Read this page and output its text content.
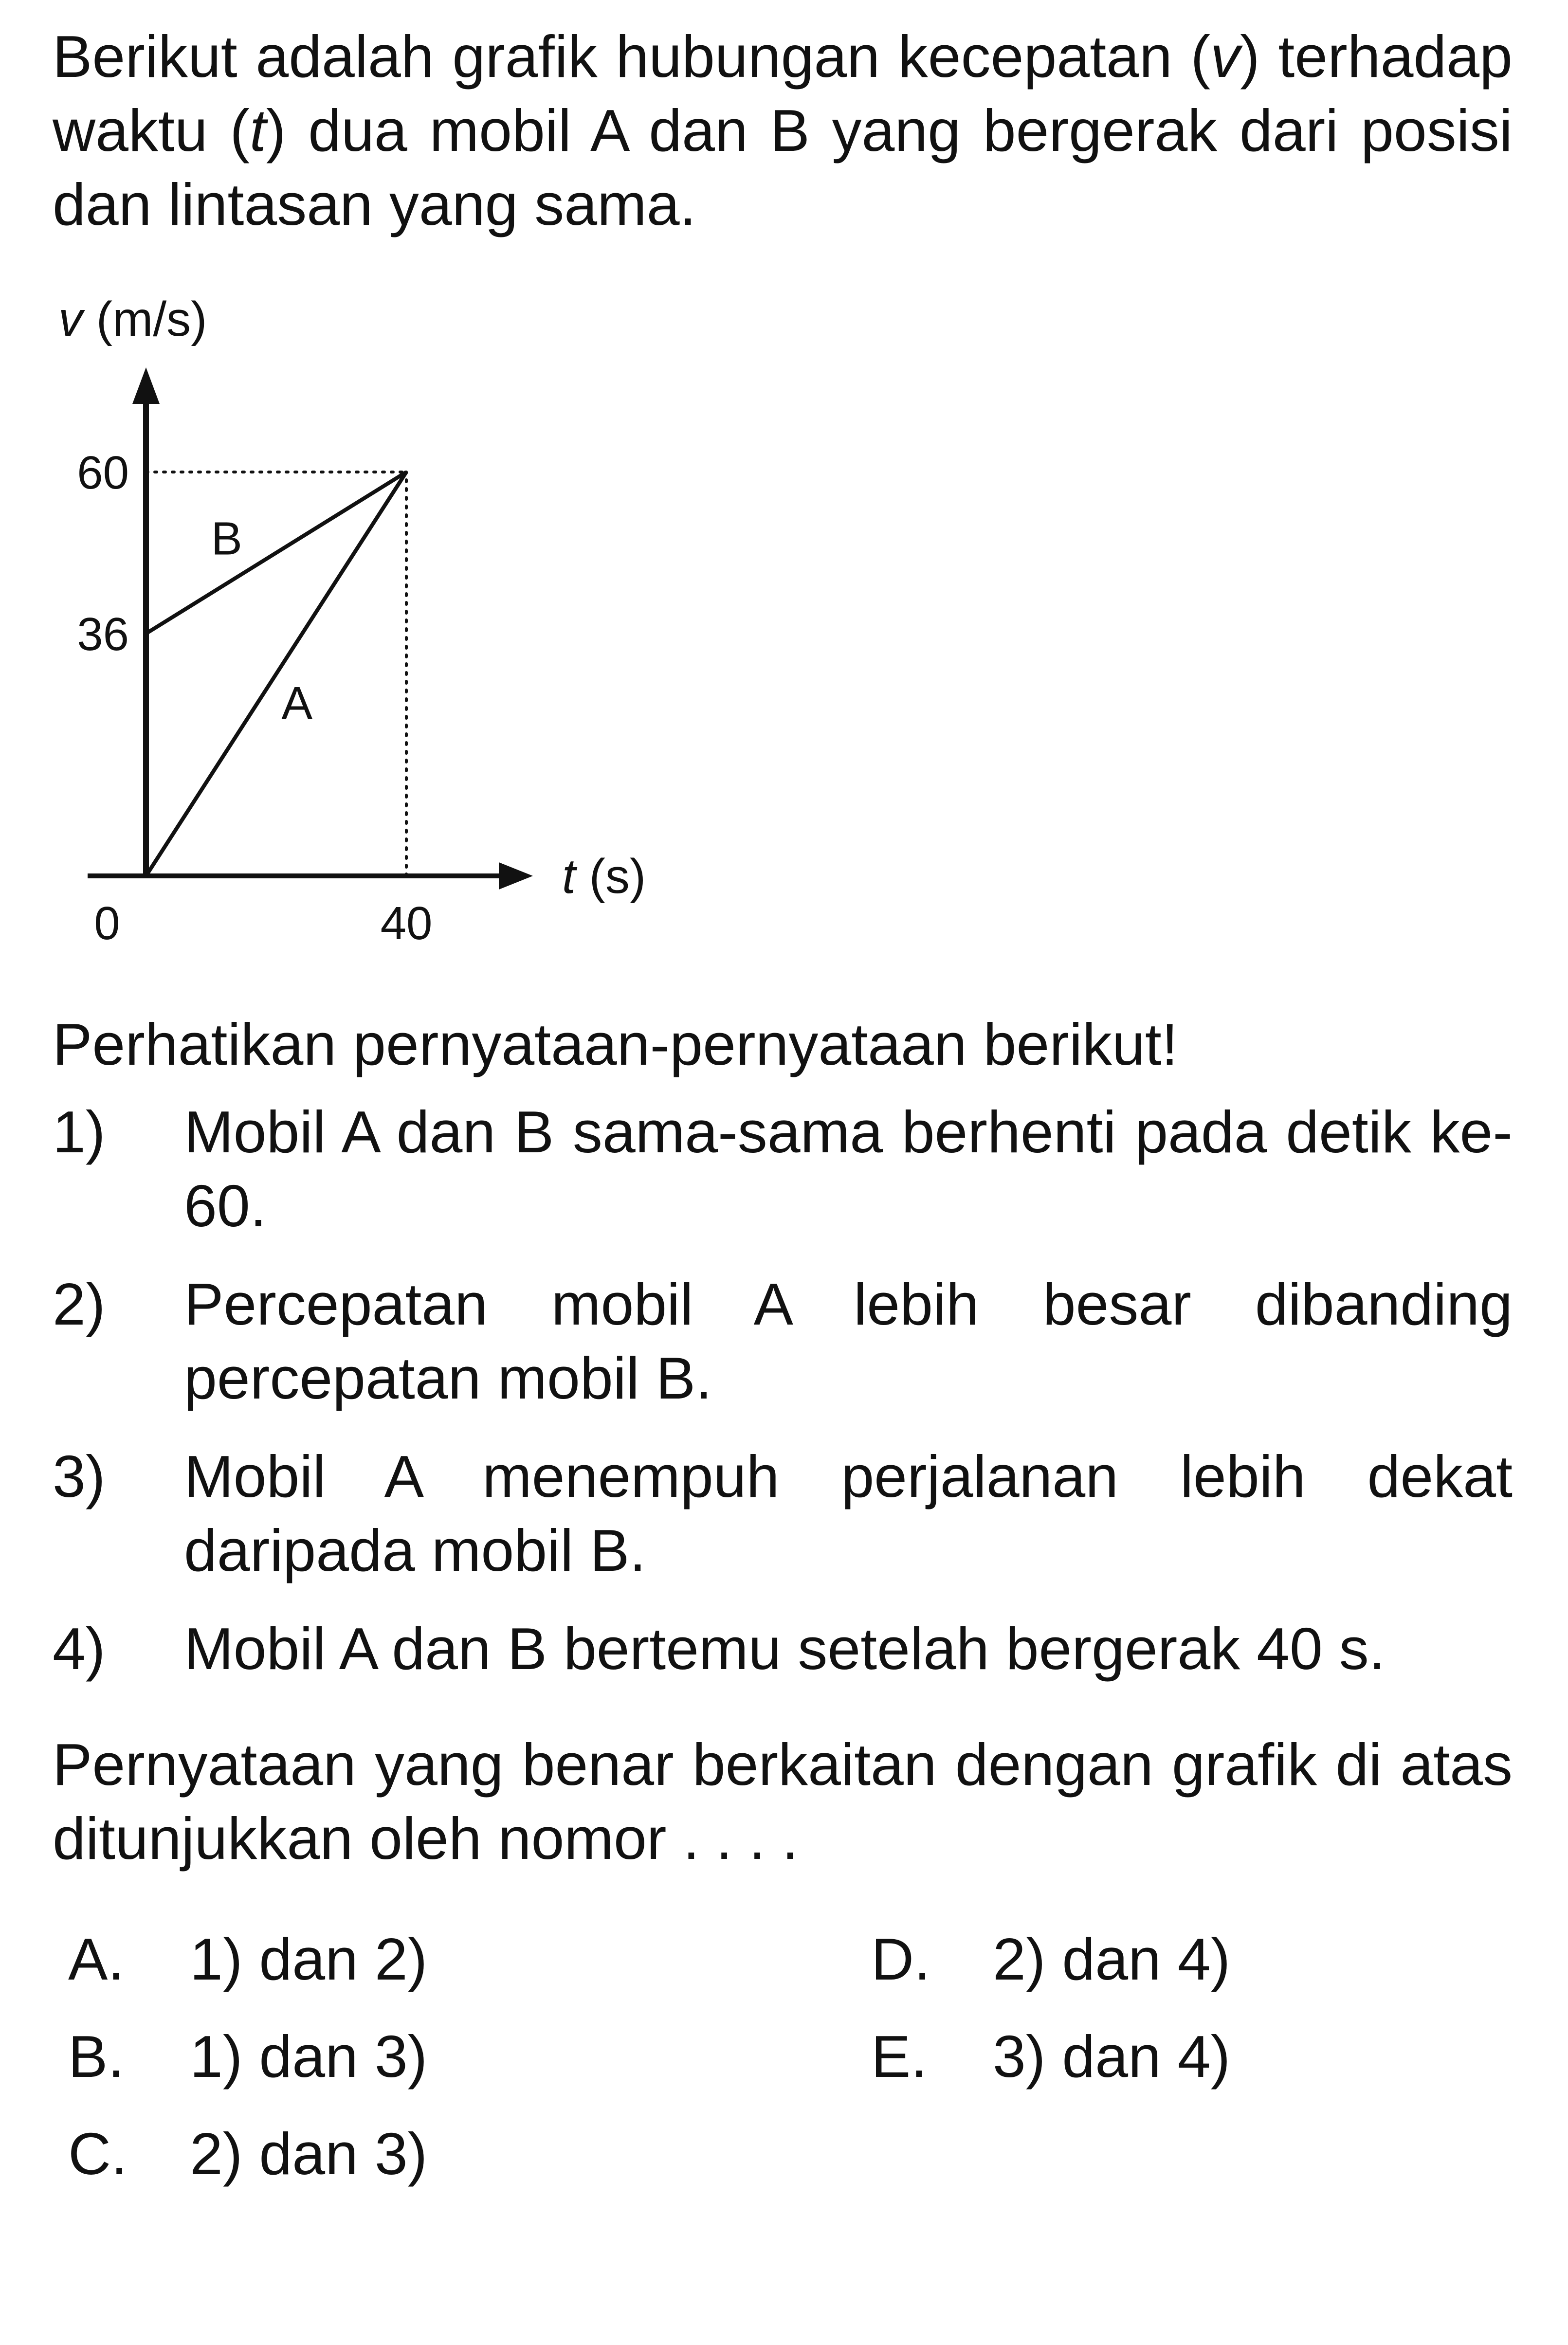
Berikut adalah grafik hubungan kecepatan (v) terhadap waktu (t) dua mobil A dan B yang bergerak dari posisi dan lintasan yang sama.
A
B
60
36
0	40
v (m/s)
t (s)
Perhatikan pernyataan-pernyataan berikut!
1) Mobil A dan B sama-sama berhenti pada detik ke-60.
2) Percepatan mobil A lebih besar dibanding percepatan mobil B.
3) Mobil A menempuh perjalanan lebih dekat daripada mobil B.
4) Mobil A dan B bertemu setelah bergerak 40 s.
Pernyataan yang benar berkaitan dengan grafik di atas ditunjukkan oleh nomor . . . .
A. 1) dan 2)
B. 1) dan 3)
C. 2) dan 3)
D. 2) dan 4)
E. 3) dan 4)
